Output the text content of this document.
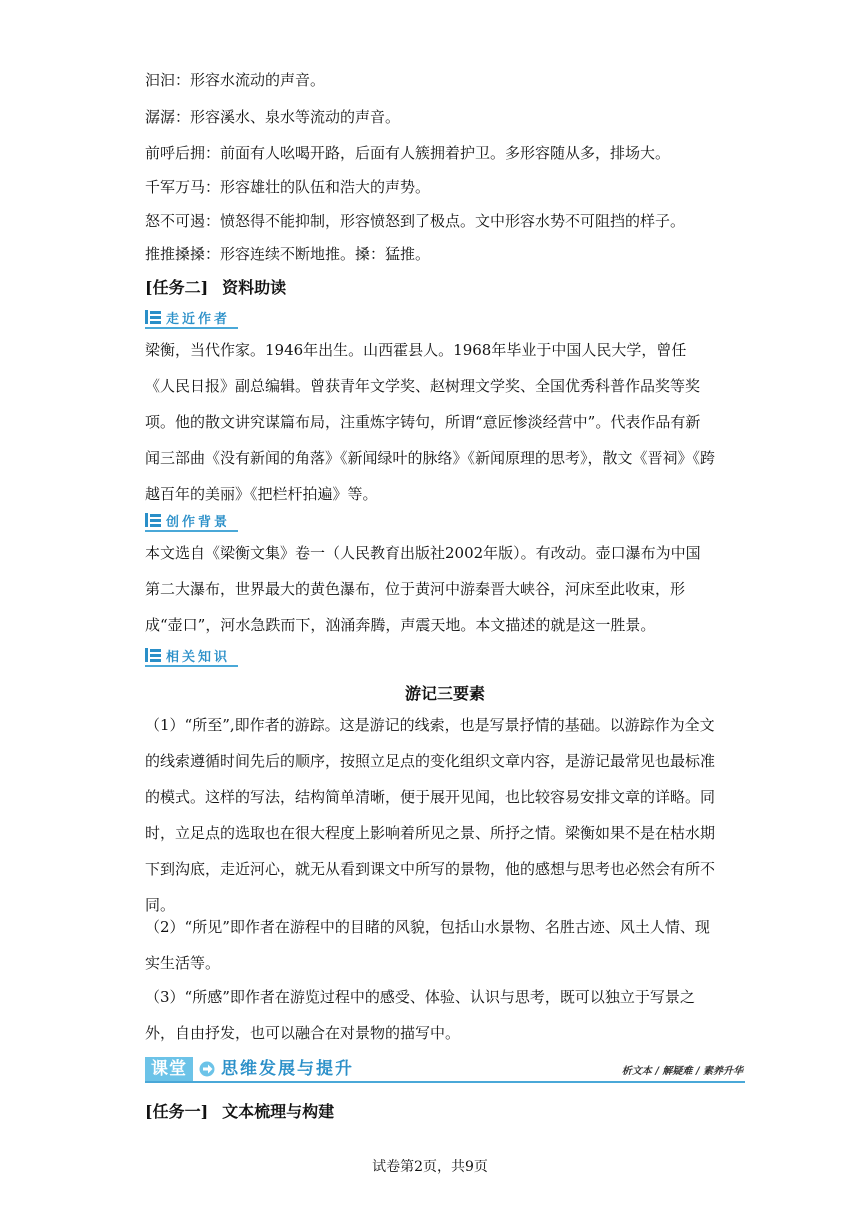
汩汩：形容水流动的声音。
潺潺：形容溪水、泉水等流动的声音。
前呼后拥：前面有人吆喝开路，后面有人簇拥着护卫。多形容随从多，排场大。
千军万马：形容雄壮的队伍和浩大的声势。
怒不可遏：愤怒得不能抑制，形容愤怒到了极点。文中形容水势不可阻挡的样子。
推推搡搡：形容连续不断地推。搡：猛推。
[任务二] 资料助读
走近作者

梁衡，当代作家。1946年出生。山西霍县人。1968年毕业于中国人民大学，曾任《人民日报》副总编辑。曾获青年文学奖、赵树理文学奖、全国优秀科普作品奖等奖项。他的散文讲究谋篇布局，注重炼字铸句，所谓“意匠惨淡经营中”。代表作品有新闻三部曲《没有新闻的角落》《新闻绿叶的脉络》《新闻原理的思考》，散文《晋祠》《跨越百年的美丽》《把栏杆拍遍》等。

创作背景

本文选自《梁衡文集》卷一（人民教育出版社2002年版）。有改动。壶口瀑布为中国第二大瀑布，世界最大的黄色瀑布，位于黄河中游秦晋大峡谷，河床至此收束，形成“壶口”，河水急跌而下，汹涌奔腾，声震天地。本文描述的就是这一胜景。

相关知识
游记三要素

（1）“所至”,即作者的游踪。这是游记的线索，也是写景抒情的基础。以游踪作为全文的线索遵循时间先后的顺序，按照立足点的变化组织文章内容，是游记最常见也最标准的模式。这样的写法，结构简单清晰，便于展开见闻，也比较容易安排文章的详略。同时，立足点的选取也在很大程度上影响着所见之景、所抒之情。梁衡如果不是在枯水期下到沟底，走近河心，就无从看到课文中所写的景物，他的感想与思考也必然会有所不同。

（2）“所见”即作者在游程中的目睹的风貌，包括山水景物、名胜古迹、风土人情、现实生活等。

（3）“所感”即作者在游览过程中的感受、体验、认识与思考，既可以独立于写景之外，自由抒发，也可以融合在对景物的描写中。

课堂	思维发展与提升	析文本 / 解疑难 / 素养升华
[任务一] 文本梳理与构建
试卷第2页，共9页
